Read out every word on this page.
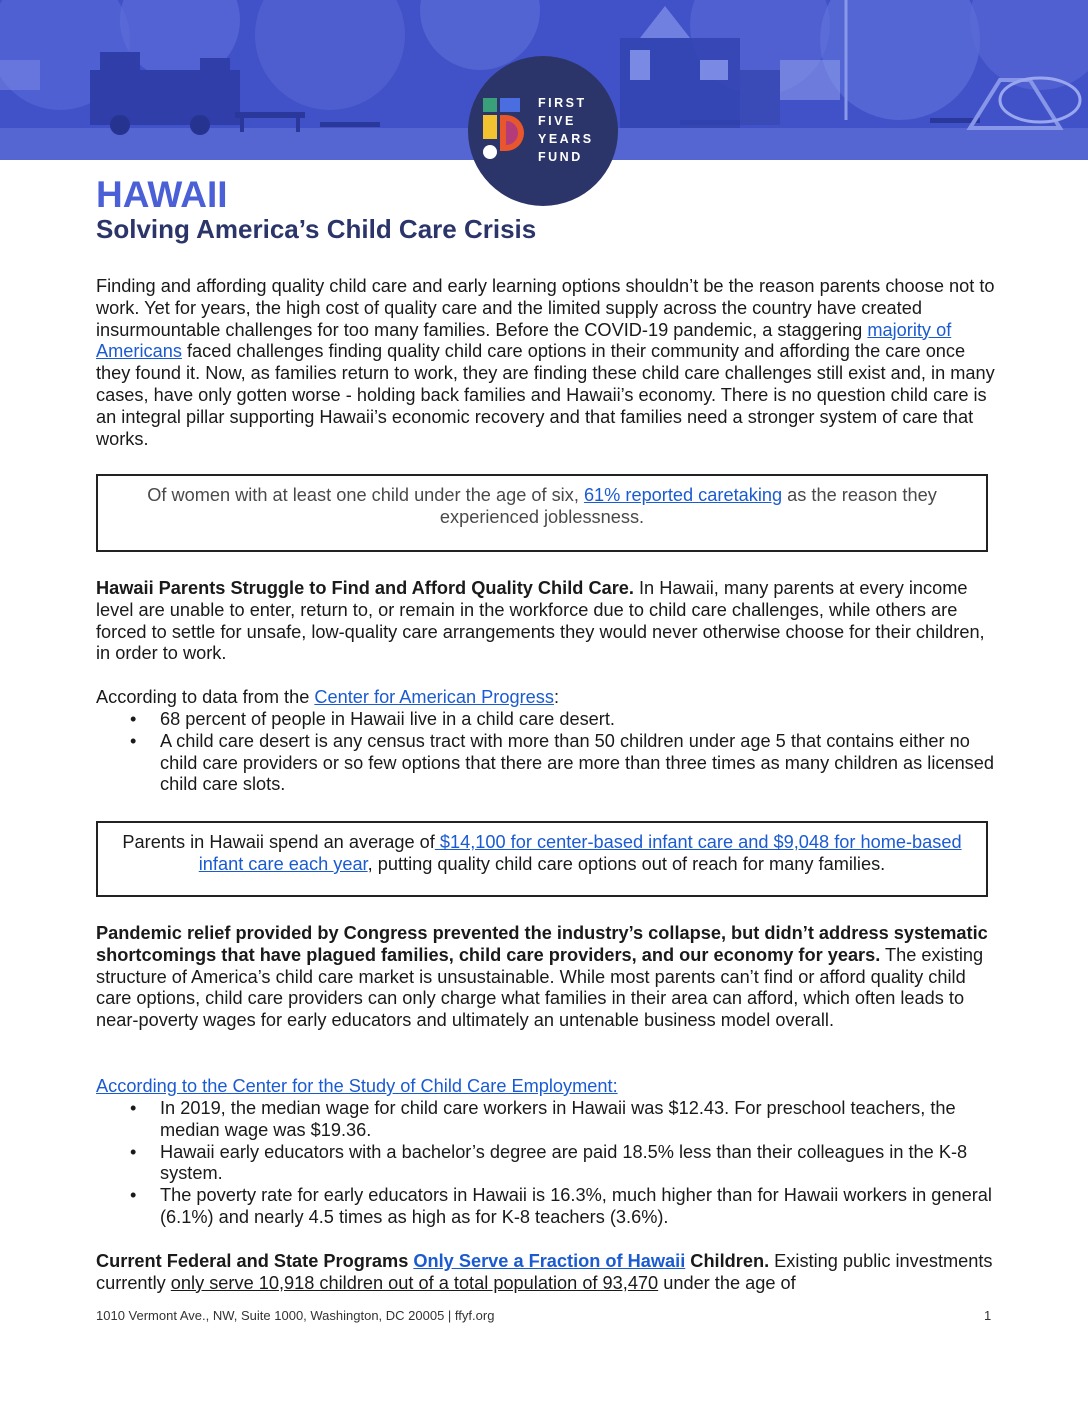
FIRST
FIVE
YEARS
FUND
HAWAII
Solving America’s Child Care Crisis

Finding and affording quality child care and early learning options shouldn’t be the reason parents choose not to work. Yet for years, the high cost of quality care and the limited supply across the country have created insurmountable challenges for too many families. Before the COVID-19 pandemic, a staggering majority of Americans faced challenges finding quality child care options in their community and affording the care once they found it. Now, as families return to work, they are finding these child care challenges still exist and, in many cases, have only gotten worse - holding back families and Hawaii’s economy. There is no question child care is an integral pillar supporting Hawaii’s economic recovery and that families need a stronger system of care that works.

Of women with at least one child under the age of six, 61% reported caretaking as the reason they experienced joblessness.

Hawaii Parents Struggle to Find and Afford Quality Child Care. In Hawaii, many parents at every income level are unable to enter, return to, or remain in the workforce due to child care challenges, while others are forced to settle for unsafe, low-quality care arrangements they would never otherwise choose for their children, in order to work.

According to data from the Center for American Progress:

• 68 percent of people in Hawaii live in a child care desert.
• A child care desert is any census tract with more than 50 children under age 5 that contains either no child care providers or so few options that there are more than three times as many children as licensed child care slots.
Parents in Hawaii spend an average of $14,100 for center-based infant care and $9,048 for home-based infant care each year, putting quality child care options out of reach for many families.

Pandemic relief provided by Congress prevented the industry’s collapse, but didn’t address systematic shortcomings that have plagued families, child care providers, and our economy for years. The existing structure of America’s child care market is unsustainable. While most parents can’t find or afford quality child care options, child care providers can only charge what families in their area can afford, which often leads to near-poverty wages for early educators and ultimately an untenable business model overall.

According to the Center for the Study of Child Care Employment:

• In 2019, the median wage for child care workers in Hawaii was $12.43. For preschool teachers, the median wage was $19.36.
• Hawaii early educators with a bachelor’s degree are paid 18.5% less than their colleagues in the K-8 system.
• The poverty rate for early educators in Hawaii is 16.3%, much higher than for Hawaii workers in general (6.1%) and nearly 4.5 times as high as for K-8 teachers (3.6%).

Current Federal and State Programs Only Serve a Fraction of Hawaii Children. Existing public investments currently only serve 10,918 children out of a total population of 93,470 under the age of

1010 Vermont Ave., NW, Suite 1000, Washington, DC 20005 | ffyf.org	1
